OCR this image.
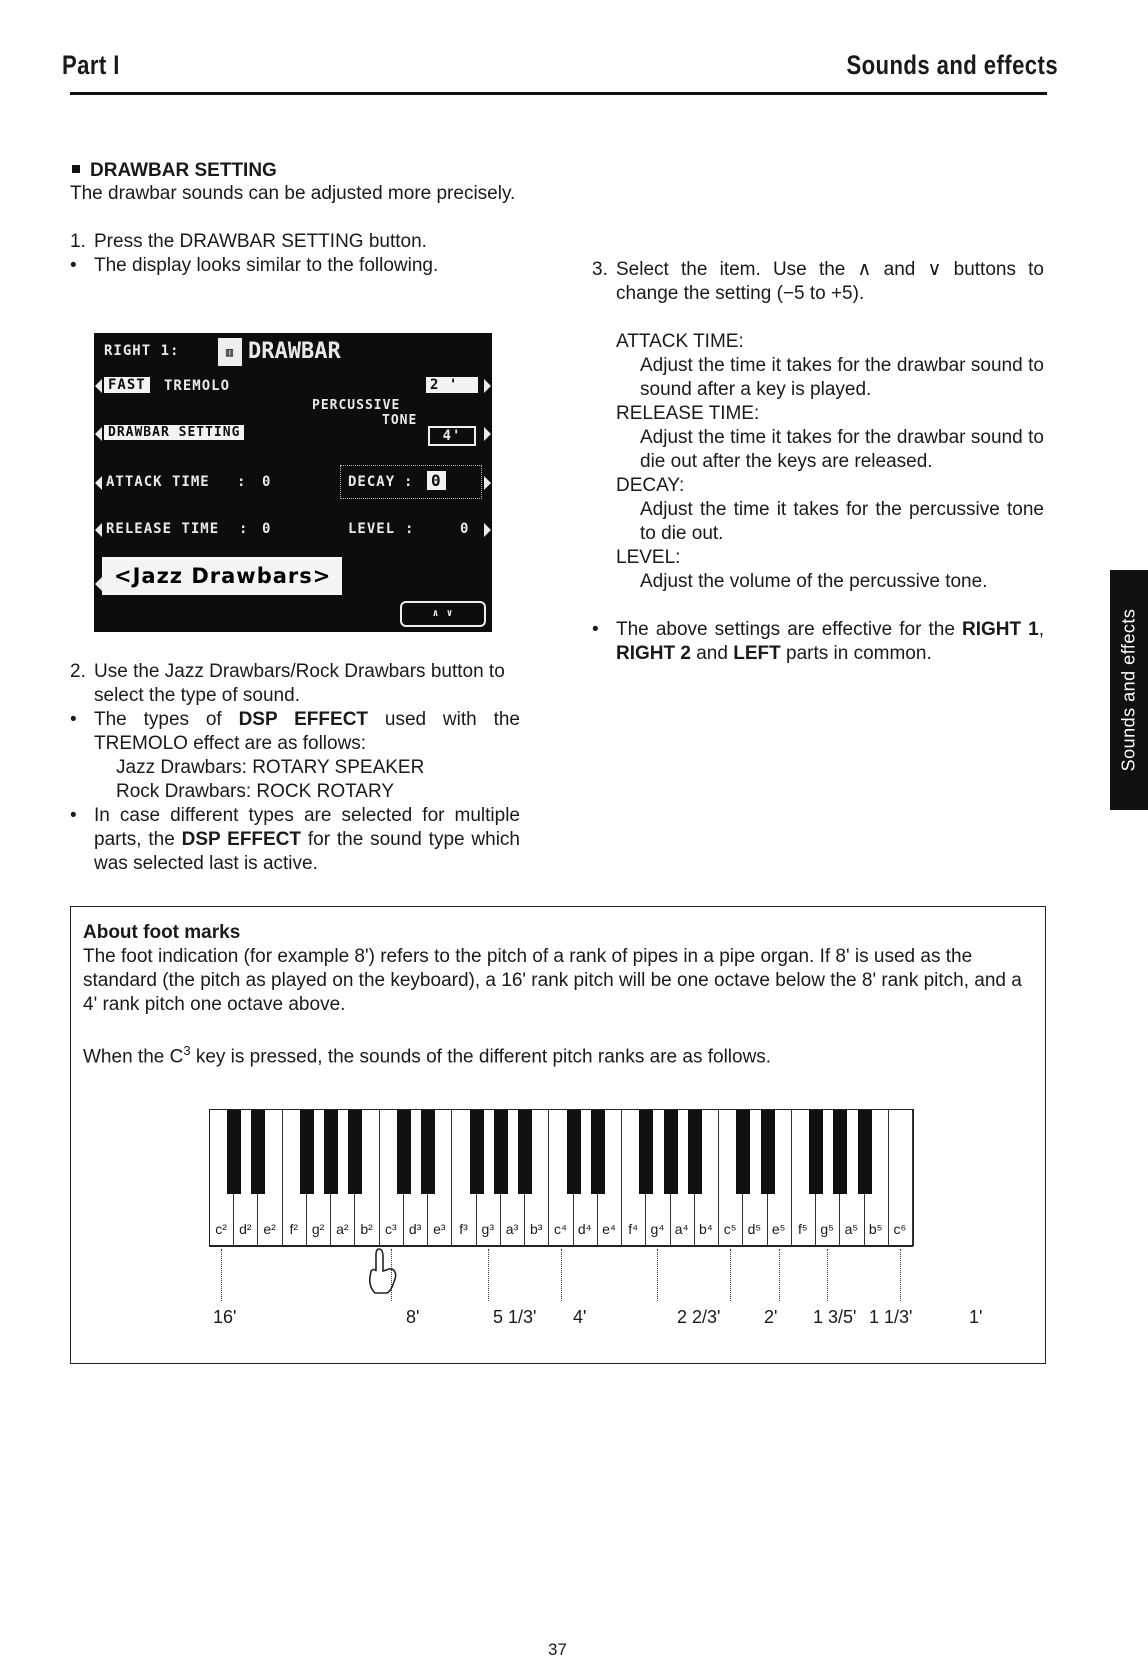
Part I	Sounds and effects
DRAWBAR SETTING

The drawbar sounds can be adjusted more precisely.

1. Press the DRAWBAR SETTING button.
• The display looks similar to the following.
RIGHT 1:	▥ DRAWBAR
FAST TREMOLO	2 '
PERCUSSIVE
TONE
DRAWBAR SETTING	4'
ATTACK TIME : 0	DECAY : 0
RELEASE TIME : 0	LEVEL :	0
<Jazz Drawbars>
∧ ∨
2. Use the Jazz Drawbars/Rock Drawbars button to select the type of sound.
• The types of DSP EFFECT used with the TREMOLO effect are as follows:

Jazz Drawbars: ROTARY SPEAKER

Rock Drawbars: ROCK ROTARY

• In case different types are selected for multiple parts, the DSP EFFECT for the sound type which was selected last is active.
3. Select the item. Use the ∧ and ∨ buttons to change the setting (−5 to +5).

ATTACK TIME:

Adjust the time it takes for the drawbar sound to sound after a key is played.

RELEASE TIME:

Adjust the time it takes for the drawbar sound to die out after the keys are released.

DECAY:

Adjust the time it takes for the percussive tone to die out.

LEVEL:

Adjust the volume of the percussive tone.

• The above settings are effective for the RIGHT 1, RIGHT 2 and LEFT parts in common.	Sounds and effects
About foot marks

The foot indication (for example 8') refers to the pitch of a rank of pipes in a pipe organ. If 8' is used as the standard (the pitch as played on the keyboard), a 16' rank pitch will be one octave below the 8' rank pitch, and a 4' rank pitch one octave above.

When the $C^3$ key is pressed, the sounds of the different pitch ranks are as follows.

c² d² e² f² g² a² b² c³ d³ e³ f³ g³ a³ b³ c⁴ d⁴ e⁴ f⁴ g⁴ a⁴ b⁴ c⁵ d⁵ e⁵ f⁵ g⁵ a⁵ b⁵ c⁶
16'	8'	5 1/3' 4'	2 2/3' 2' 1 3/5' 1 1/3'	1'
37
